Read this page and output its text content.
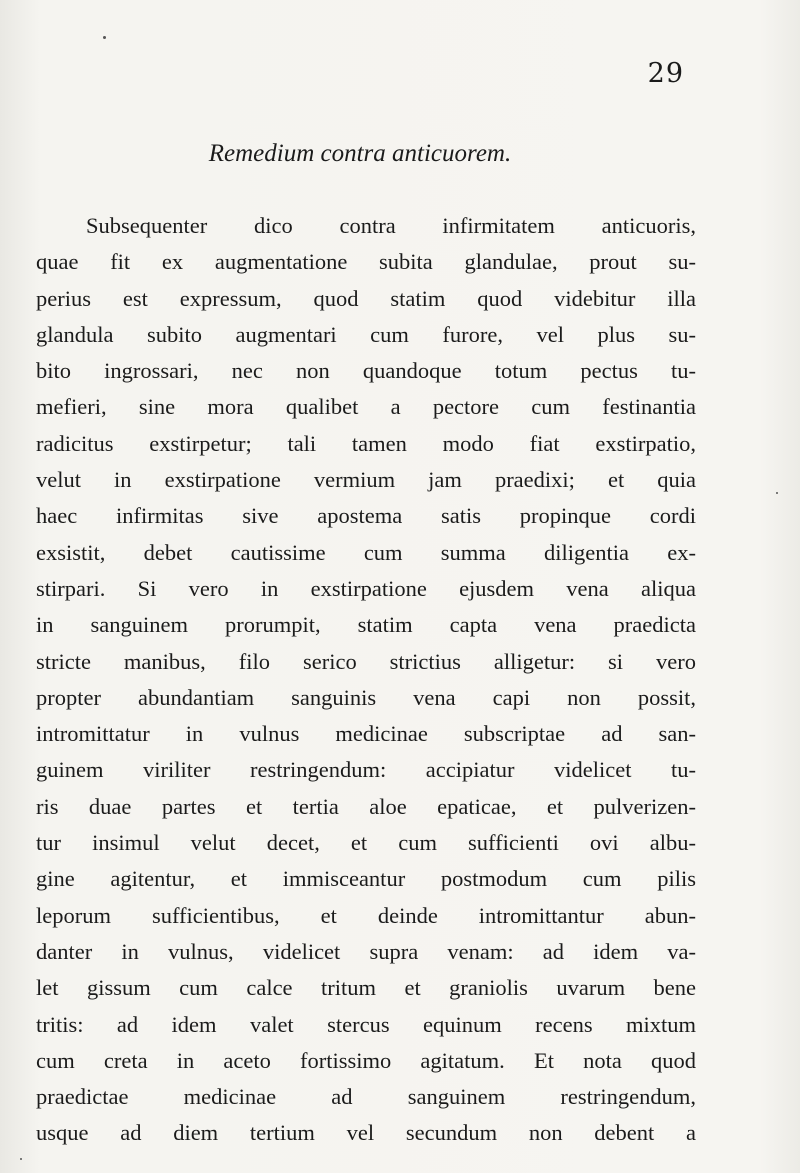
29
Remedium contra anticuorem.
Subsequenter dico contra infirmitatem anticuoris,
quae fit ex augmentatione subita glandulae, prout su-
perius est expressum, quod statim quod videbitur illa
glandula subito augmentari cum furore, vel plus su-
bito ingrossari, nec non quandoque totum pectus tu-
mefieri, sine mora qualibet a pectore cum festinantia
radicitus exstirpetur; tali tamen modo fiat exstirpatio,
velut in exstirpatione vermium jam praedixi; et quia
haec infirmitas sive apostema satis propinque cordi
exsistit, debet cautissime cum summa diligentia ex-
stirpari. Si vero in exstirpatione ejusdem vena aliqua
in sanguinem prorumpit, statim capta vena praedicta
stricte manibus, filo serico strictius alligetur: si vero
propter abundantiam sanguinis vena capi non possit,
intromittatur in vulnus medicinae subscriptae ad san-
guinem viriliter restringendum: accipiatur videlicet tu-
ris duae partes et tertia aloe epaticae, et pulverizen-
tur insimul velut decet, et cum sufficienti ovi albu-
gine agitentur, et immisceantur postmodum cum pilis
leporum sufficientibus, et deinde intromittantur abun-
danter in vulnus, videlicet supra venam: ad idem va-
let gissum cum calce tritum et graniolis uvarum bene
tritis: ad idem valet stercus equinum recens mixtum
cum creta in aceto fortissimo agitatum. Et nota quod
praedictae medicinae ad sanguinem restringendum,
usque ad diem tertium vel secundum non debent a
